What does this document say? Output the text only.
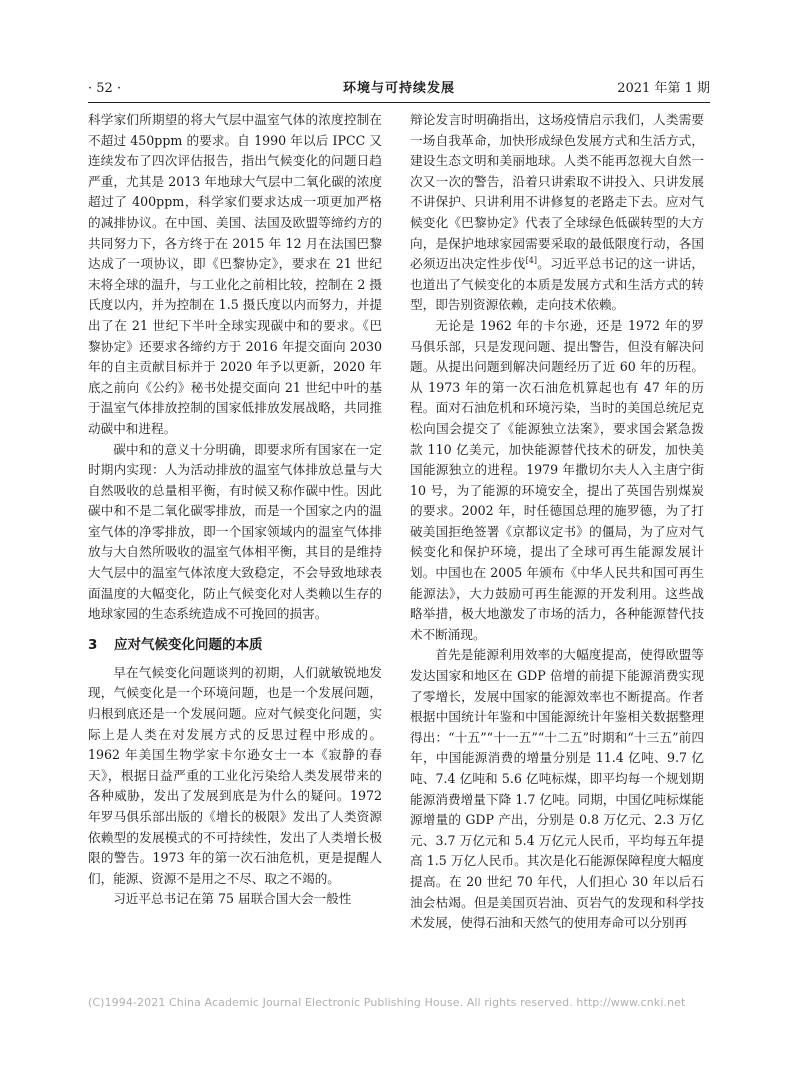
· 52 ·	环境与可持续发展	2021 年第 1 期

科学家们所期望的将大气层中温室气体的浓度控制在不超过 450ppm 的要求。自 1990 年以后 IPCC 又连续发布了四次评估报告，指出气候变化的问题日趋严重，尤其是 2013 年地球大气层中二氧化碳的浓度超过了 400ppm，科学家们要求达成一项更加严格的减排协议。在中国、美国、法国及欧盟等缔约方的共同努力下，各方终于在 2015 年 12 月在法国巴黎达成了一项协议，即《巴黎协定》，要求在 21 世纪末将全球的温升，与工业化之前相比较，控制在 2 摄氏度以内，并为控制在 1.5 摄氏度以内而努力，并提出了在 21 世纪下半叶全球实现碳中和的要求。《巴黎协定》还要求各缔约方于 2016 年提交面向 2030 年的自主贡献目标并于 2020 年予以更新，2020 年底之前向《公约》秘书处提交面向 21 世纪中叶的基于温室气体排放控制的国家低排放发展战略，共同推动碳中和进程。

碳中和的意义十分明确，即要求所有国家在一定时期内实现：人为活动排放的温室气体排放总量与大自然吸收的总量相平衡，有时候又称作碳中性。因此碳中和不是二氧化碳零排放，而是一个国家之内的温室气体的净零排放，即一个国家领域内的温室气体排放与大自然所吸收的温室气体相平衡，其目的是维持大气层中的温室气体浓度大致稳定，不会导致地球表面温度的大幅变化，防止气候变化对人类赖以生存的地球家园的生态系统造成不可挽回的损害。

3 应对气候变化问题的本质

早在气候变化问题谈判的初期，人们就敏锐地发现，气候变化是一个环境问题，也是一个发展问题，归根到底还是一个发展问题。应对气候变化问题，实际上是人类在对发展方式的反思过程中形成的。1962 年美国生物学家卡尔逊女士一本《寂静的春天》，根据日益严重的工业化污染给人类发展带来的各种威胁，发出了发展到底是为什么的疑问。1972 年罗马俱乐部出版的《增长的极限》发出了人类资源依赖型的发展模式的不可持续性，发出了人类增长极限的警告。1973 年的第一次石油危机，更是提醒人们，能源、资源不是用之不尽、取之不竭的。

习近平总书记在第 75 届联合国大会一般性

辩论发言时明确指出，这场疫情启示我们，人类需要一场自我革命，加快形成绿色发展方式和生活方式，建设生态文明和美丽地球。人类不能再忽视大自然一次又一次的警告，沿着只讲索取不讲投入、只讲发展不讲保护、只讲利用不讲修复的老路走下去。应对气候变化《巴黎协定》代表了全球绿色低碳转型的大方向，是保护地球家园需要采取的最低限度行动，各国必须迈出决定性步伐[4]。习近平总书记的这一讲话，也道出了气候变化的本质是发展方式和生活方式的转型，即告别资源依赖，走向技术依赖。

无论是 1962 年的卡尔逊，还是 1972 年的罗马俱乐部，只是发现问题、提出警告，但没有解决问题。从提出问题到解决问题经历了近 60 年的历程。从 1973 年的第一次石油危机算起也有 47 年的历程。面对石油危机和环境污染，当时的美国总统尼克松向国会提交了《能源独立法案》，要求国会紧急拨款 110 亿美元，加快能源替代技术的研发，加快美国能源独立的进程。1979 年撒切尔夫人入主唐宁街 10 号，为了能源的环境安全，提出了英国告别煤炭的要求。2002 年，时任德国总理的施罗德，为了打破美国拒绝签署《京都议定书》的僵局，为了应对气候变化和保护环境，提出了全球可再生能源发展计划。中国也在 2005 年颁布《中华人民共和国可再生能源法》，大力鼓励可再生能源的开发利用。这些战略举措，极大地激发了市场的活力，各种能源替代技术不断涌现。

首先是能源利用效率的大幅度提高，使得欧盟等发达国家和地区在 GDP 倍增的前提下能源消费实现了零增长，发展中国家的能源效率也不断提高。作者根据中国统计年鉴和中国能源统计年鉴相关数据整理得出：“十五”“十一五”“十二五”时期和“十三五”前四年，中国能源消费的增量分别是 11.4 亿吨、9.7 亿吨、7.4 亿吨和 5.6 亿吨标煤，即平均每一个规划期能源消费增量下降 1.7 亿吨。同期，中国亿吨标煤能源增量的 GDP 产出，分别是 0.8 万亿元、2.3 万亿元、3.7 万亿元和 5.4 万亿元人民币，平均每五年提高 1.5 万亿人民币。其次是化石能源保障程度大幅度提高。在 20 世纪 70 年代，人们担心 30 年以后石油会枯竭。但是美国页岩油、页岩气的发现和科学技术发展，使得石油和天然气的使用寿命可以分别再

(C)1994-2021 China Academic Journal Electronic Publishing House. All rights reserved. http://www.cnki.net
